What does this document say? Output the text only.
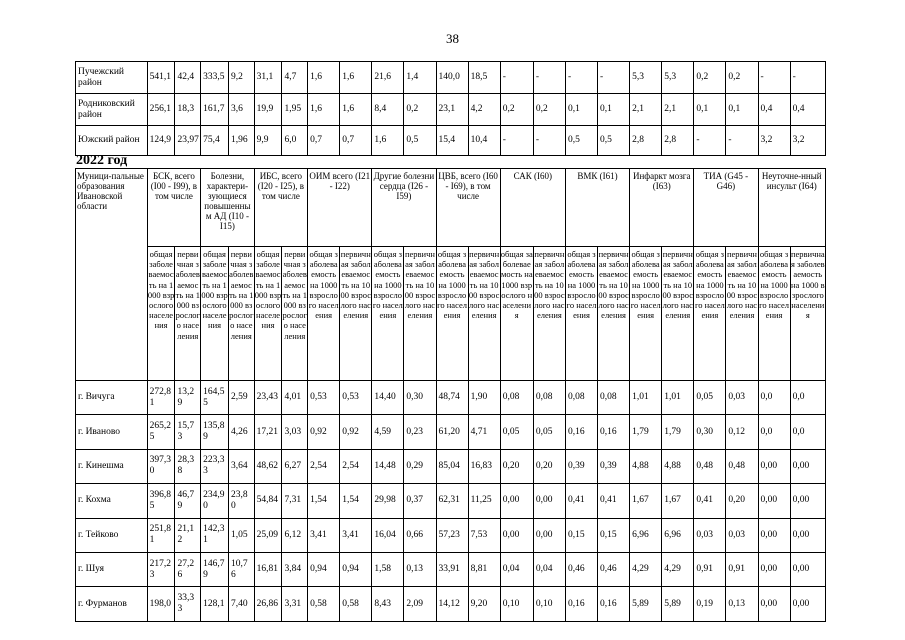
38
Пучежский район	541,1	42,4	333,5	9,2	31,1	4,7	1,6	1,6	21,6	1,4	140,0	18,5	-	-	-	-	5,3	5,3	0,2	0,2	-	-
Родниковский район	256,1	18,3	161,7	3,6	19,9	1,95	1,6	1,6	8,4	0,2	23,1	4,2	0,2	0,2	0,1	0,1	2,1	2,1	0,1	0,1	0,4	0,4
Южский район	124,9	23,97	75,4	1,96	9,9	6,0	0,7	0,7	1,6	0,5	15,4	10,4	-	-	0,5	0,5	2,8	2,8	-	-	3,2	3,2
2022 год
Муници-пальные образования Ивановской области	БСК, всего (I00 - I99), в том числе		Болезни, характери-зующиеся повышенным АД (I10 - I15)		ИБС, всего (I20 - I25), в том числе		ОИМ всего (I21 - I22)		Другие болезни сердца (I26 - I59)		ЦВБ, всего (I60 - I69), в том числе		САК (I60)		ВМК (I61)		Инфаркт мозга (I63)		ТИА (G45 - G46)		Неуточне-нный инсульт (I64)	
	общая заболеваемость на 1000 взрослого населения	первичная заболеваемость на 1000 взрослого населения	общая заболеваемость на 1000 взрослого населения	первичная заболеваемость на 1000 взрослого населения	общая заболеваемость на 1000 взрослого населения	первичная заболеваемость на 1000 взрослого населения	общая заболеваемость на 1000 взрослого населения	первичная заболеваемость на 1000 взрослого населения	общая заболеваемость на 1000 взрослого населения	первичная заболеваемость на 1000 взрослого населения	общая заболеваемость на 1000 взрослого населения	первичная заболеваемость на 1000 взрослого населения	общая заболеваемость на 1000 взрослого населения	первичная заболеваемость на 1000 взрослого населения	общая заболеваемость на 1000 взрослого населения	первичная заболеваемость на 1000 взрослого населения	общая заболеваемость на 1000 взрослого населения	первичная заболеваемость на 1000 взрослого населения	общая заболеваемость на 1000 взрослого населения	первичная заболеваемость на 1000 взрослого населения	общая заболеваемость на 1000 взрослого населения	первичная заболеваемость на 1000 взрослого населения
г. Вичуга	272,81	13,29	164,55	2,59	23,43	4,01	0,53	0,53	14,40	0,30	48,74	1,90	0,08	0,08	0,08	0,08	1,01	1,01	0,05	0,03	0,0	0,0
г. Иваново	265,25	15,73	135,89	4,26	17,21	3,03	0,92	0,92	4,59	0,23	61,20	4,71	0,05	0,05	0,16	0,16	1,79	1,79	0,30	0,12	0,0	0,0
г. Кинешма	397,30	28,38	223,33	3,64	48,62	6,27	2,54	2,54	14,48	0,29	85,04	16,83	0,20	0,20	0,39	0,39	4,88	4,88	0,48	0,48	0,00	0,00
г. Кохма	396,85	46,79	234,90	23,80	54,84	7,31	1,54	1,54	29,98	0,37	62,31	11,25	0,00	0,00	0,41	0,41	1,67	1,67	0,41	0,20	0,00	0,00
г. Тейково	251,81	21,12	142,31	1,05	25,09	6,12	3,41	3,41	16,04	0,66	57,23	7,53	0,00	0,00	0,15	0,15	6,96	6,96	0,03	0,03	0,00	0,00
г. Шуя	217,23	27,26	146,79	10,76	16,81	3,84	0,94	0,94	1,58	0,13	33,91	8,81	0,04	0,04	0,46	0,46	4,29	4,29	0,91	0,91	0,00	0,00
г. Фурманов	198,0	33,33	128,1	7,40	26,86	3,31	0,58	0,58	8,43	2,09	14,12	9,20	0,10	0,10	0,16	0,16	5,89	5,89	0,19	0,13	0,00	0,00
